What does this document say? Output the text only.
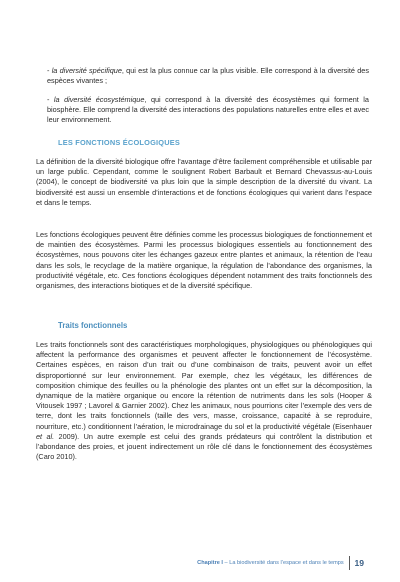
- la diversité spécifique, qui est la plus connue car la plus visible. Elle correspond à la diversité des espèces vivantes ;

- la diversité écosystémique, qui correspond à la diversité des écosystèmes qui forment la biosphère. Elle comprend la diversité des interactions des populations naturelles entre elles et avec leur environnement.

LES FONCTIONS ÉCOLOGIQUES

La définition de la diversité biologique offre l’avantage d’être facilement compréhensible et utilisable par un large public. Cependant, comme le soulignent Robert Barbault et Bernard Chevassus-au-Louis (2004), le concept de biodiversité va plus loin que la simple description de la diversité du vivant. La biodiversité est aussi un ensemble d’interactions et de fonctions écologiques qui varient dans l’espace et dans le temps.

Les fonctions écologiques peuvent être définies comme les processus biologiques de fonctionnement et de maintien des écosystèmes. Parmi les processus biologiques essentiels au fonctionnement des écosystèmes, nous pouvons citer les échanges gazeux entre plantes et animaux, la rétention de l’eau dans les sols, le recyclage de la matière organique, la régulation de l’abondance des organismes, la productivité végétale, etc. Ces fonctions écologiques dépendent notamment des traits fonctionnels des organismes, des interactions biotiques et de la diversité spécifique.

Traits fonctionnels

Les traits fonctionnels sont des caractéristiques morphologiques, physiologiques ou phénologiques qui affectent la performance des organismes et peuvent affecter le fonctionnement de l’écosystème. Certaines espèces, en raison d’un trait ou d’une combinaison de traits, peuvent avoir un effet disproportionné sur leur environnement. Par exemple, chez les végétaux, les différences de composition chimique des feuilles ou la phénologie des plantes ont un effet sur la décomposition, la dynamique de la matière organique ou encore la rétention de nutriments dans les sols (Hooper & Vitousek 1997 ; Lavorel & Garnier 2002). Chez les animaux, nous pourrions citer l’exemple des vers de terre, dont les traits fonctionnels (taille des vers, masse, croissance, capacité à se reproduire, nourriture, etc.) conditionnent l’aération, le microdrainage du sol et la productivité végétale (Eisenhauer et al. 2009). Un autre exemple est celui des grands prédateurs qui contrôlent la distribution et l’abondance des proies, et jouent indirectement un rôle clé dans le fonctionnement des écosystèmes (Caro 2010).

Chapitre I – La biodiversité dans l’espace et dans le temps 19
